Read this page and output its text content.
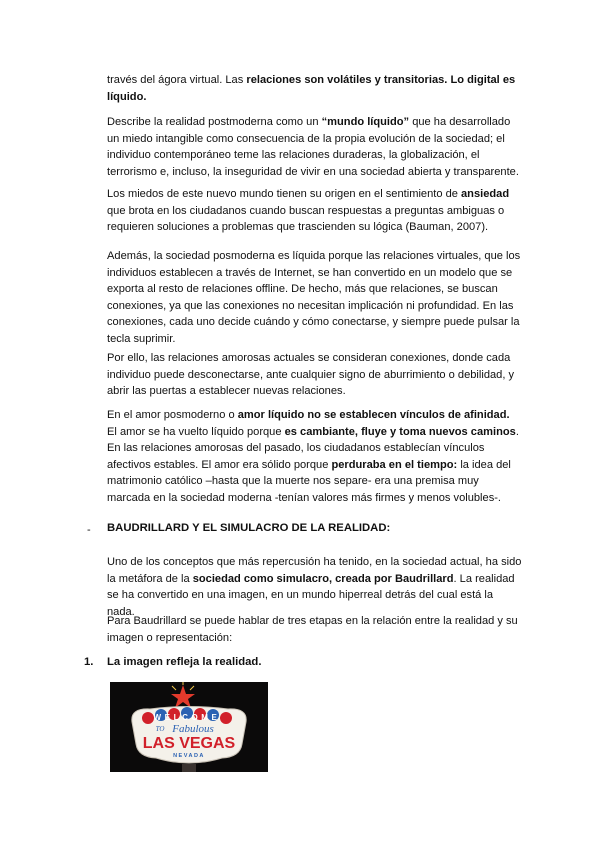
través del ágora virtual. Las relaciones son volátiles y transitorias. Lo digital es líquido.

Describe la realidad postmoderna como un “mundo líquido” que ha desarrollado un miedo intangible como consecuencia de la propia evolución de la sociedad; el individuo contemporáneo teme las relaciones duraderas, la globalización, el terrorismo e, incluso, la inseguridad de vivir en una sociedad abierta y transparente.

Los miedos de este nuevo mundo tienen su origen en el sentimiento de ansiedad que brota en los ciudadanos cuando buscan respuestas a preguntas ambiguas o requieren soluciones a problemas que trascienden su lógica (Bauman, 2007).

Además, la sociedad posmoderna es líquida porque las relaciones virtuales, que los individuos establecen a través de Internet, se han convertido en un modelo que se exporta al resto de relaciones offline. De hecho, más que relaciones, se buscan conexiones, ya que las conexiones no necesitan implicación ni profundidad. En las conexiones, cada uno decide cuándo y cómo conectarse, y siempre puede pulsar la tecla suprimir.

Por ello, las relaciones amorosas actuales se consideran conexiones, donde cada individuo puede desconectarse, ante cualquier signo de aburrimiento o debilidad, y abrir las puertas a establecer nuevas relaciones.

En el amor posmoderno o amor líquido no se establecen vínculos de afinidad. El amor se ha vuelto líquido porque es cambiante, fluye y toma nuevos caminos. En las relaciones amorosas del pasado, los ciudadanos establecían vínculos afectivos estables. El amor era sólido porque perduraba en el tiempo: la idea del matrimonio católico –hasta que la muerte nos separe- era una premisa muy marcada en la sociedad moderna -tenían valores más firmes y menos volubles-.

- BAUDRILLARD Y EL SIMULACRO DE LA REALIDAD:

Uno de los conceptos que más repercusión ha tenido, en la sociedad actual, ha sido la metáfora de la sociedad como simulacro, creada por Baudrillard. La realidad se ha convertido en una imagen, en un mundo hiperreal detrás del cual está la nada.

Para Baudrillard se puede hablar de tres etapas en la relación entre la realidad y su imagen o representación:

1. La imagen refleja la realidad.
WELCOME
TO Fabulous
LAS VEGAS
NEVADA
